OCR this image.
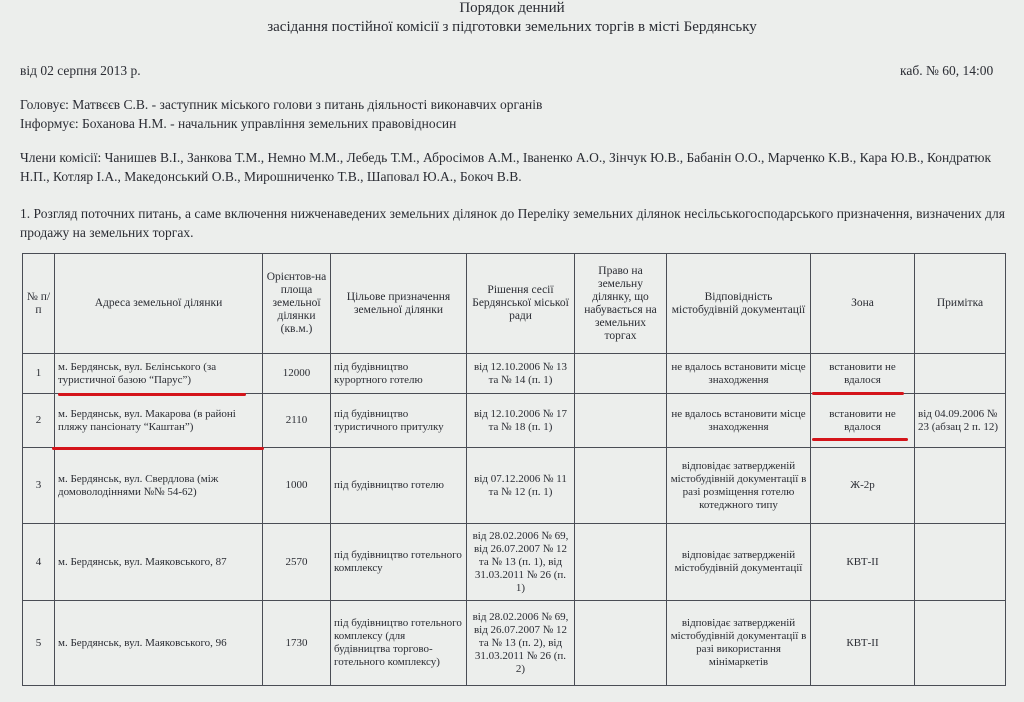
Порядок денний
засідання постійної комісії з підготовки земельних торгів в місті Бердянську
від 02 серпня 2013 р.	каб. № 60, 14:00
Головує: Матвєєв С.В. - заступник міського голови з питань діяльності виконавчих органів
Інформує: Боханова Н.М. - начальник управління земельних правовідносин
Члени комісії: Чанишев В.І., Занкова Т.М., Немно М.М., Лебедь Т.М., Абросімов А.М., Іваненко А.О., Зінчук Ю.В., Бабанін О.О., Марченко К.В., Кара Ю.В., Кондратюк Н.П., Котляр І.А., Македонський О.В., Мирошниченко Т.В., Шаповал Ю.А., Бокоч В.В.
1. Розгляд поточних питань, а саме включення нижченаведених земельних ділянок до Переліку земельних ділянок несільськогосподарського призначення, визначених для продажу на земельних торгах.
№ п/п	Адреса земельної ділянки	Орієнтов-на площа земельної ділянки (кв.м.)	Цільове призначення земельної ділянки	Рішення сесії Бердянської міської ради	Право на земельну ділянку, що набувається на земельних торгах	Відповідність містобудівній документації	Зона	Примітка
1	м. Бердянськ, вул. Бєлінського (за туристичної базою “Парус”)	12000	під будівництво курортного готелю	від 12.10.2006 № 13 та № 14 (п. 1)		не вдалось встановити місце знаходження	встановити не вдалося	
2	м. Бердянськ, вул. Макарова (в районі пляжу пансіонату “Каштан”)	2110	під будівництво туристичного притулку	від 12.10.2006 № 17 та № 18 (п. 1)		не вдалось встановити місце знаходження	встановити не вдалося	від 04.09.2006 № 23 (абзац 2 п. 12)
3	м. Бердянськ, вул. Свердлова (між домоволодіннями №№ 54-62)	1000	під будівництво готелю	від 07.12.2006 № 11 та № 12 (п. 1)		відповідає затвердженій містобудівній документації в разі розміщення готелю котеджного типу	Ж-2р	
4	м. Бердянськ, вул. Маяковського, 87	2570	під будівництво готельного комплексу	від 28.02.2006 № 69, від 26.07.2007 № 12 та № 13 (п. 1), від 31.03.2011 № 26 (п. 1)		відповідає затвердженій містобудівній документації	КВТ-ІІ	
5	м. Бердянськ, вул. Маяковського, 96	1730	під будівництво готельного комплексу (для будівництва торгово-готельного комплексу)	від 28.02.2006 № 69, від 26.07.2007 № 12 та № 13 (п. 2), від 31.03.2011 № 26 (п. 2)		відповідає затвердженій містобудівній документації в разі використання мінімаркетів	КВТ-ІІ	
